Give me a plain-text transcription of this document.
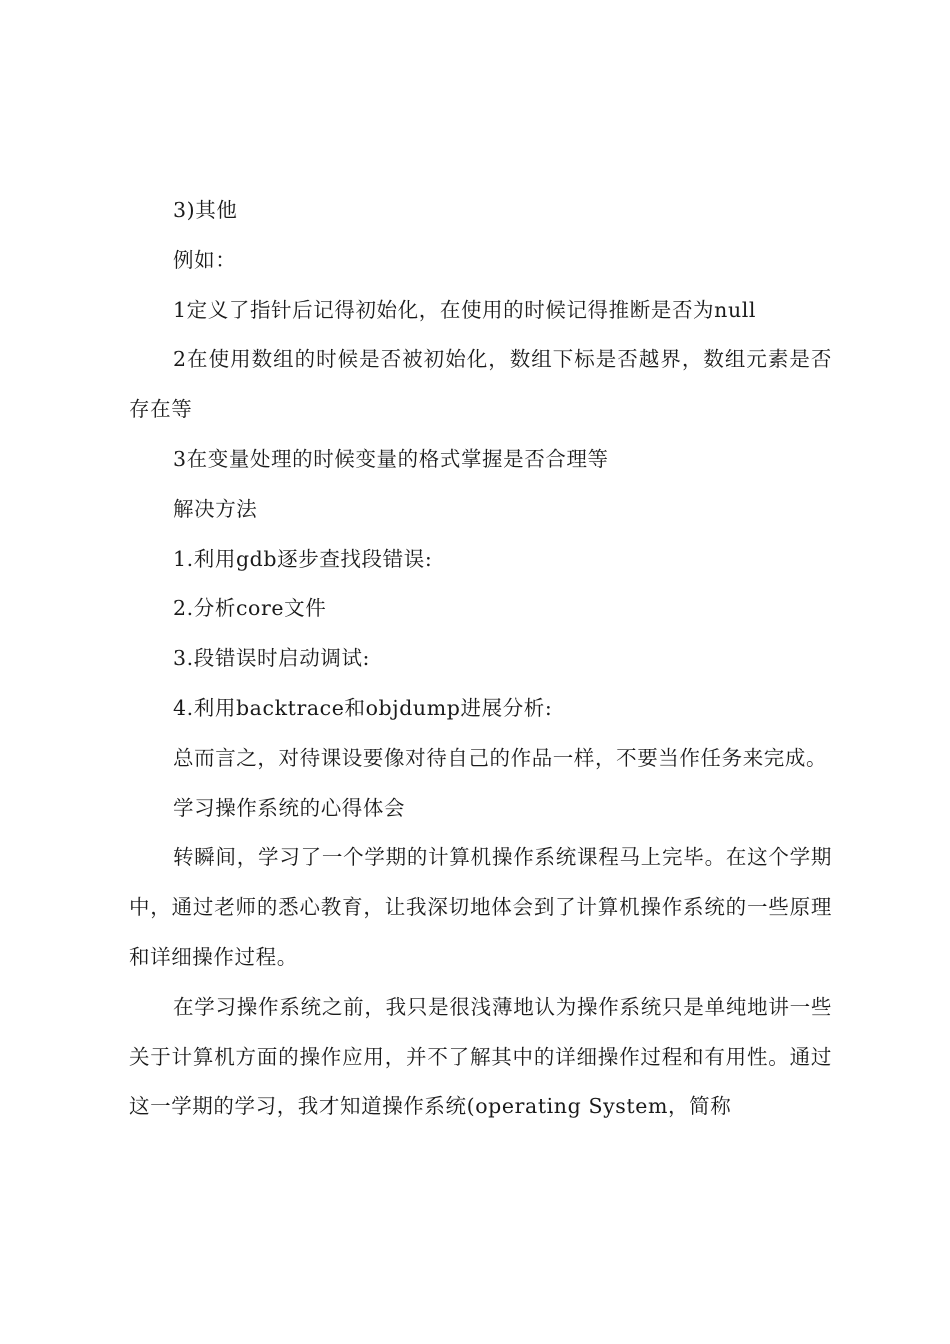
3)其他

例如：

1定义了指针后记得初始化，在使用的时候记得推断是否为null

2在使用数组的时候是否被初始化，数组下标是否越界，数组元素是否存在等

3在变量处理的时候变量的格式掌握是否合理等

解决方法

1.利用gdb逐步查找段错误:

2.分析core文件

3.段错误时启动调试:

4.利用backtrace和objdump进展分析:

总而言之，对待课设要像对待自己的作品一样，不要当作任务来完成。

学习操作系统的心得体会

转瞬间，学习了一个学期的计算机操作系统课程马上完毕。在这个学期中，通过老师的悉心教育，让我深切地体会到了计算机操作系统的一些原理和详细操作过程。

在学习操作系统之前，我只是很浅薄地认为操作系统只是单纯地讲一些关于计算机方面的操作应用，并不了解其中的详细操作过程和有用性。通过这一学期的学习，我才知道操作系统(operating System，简称
